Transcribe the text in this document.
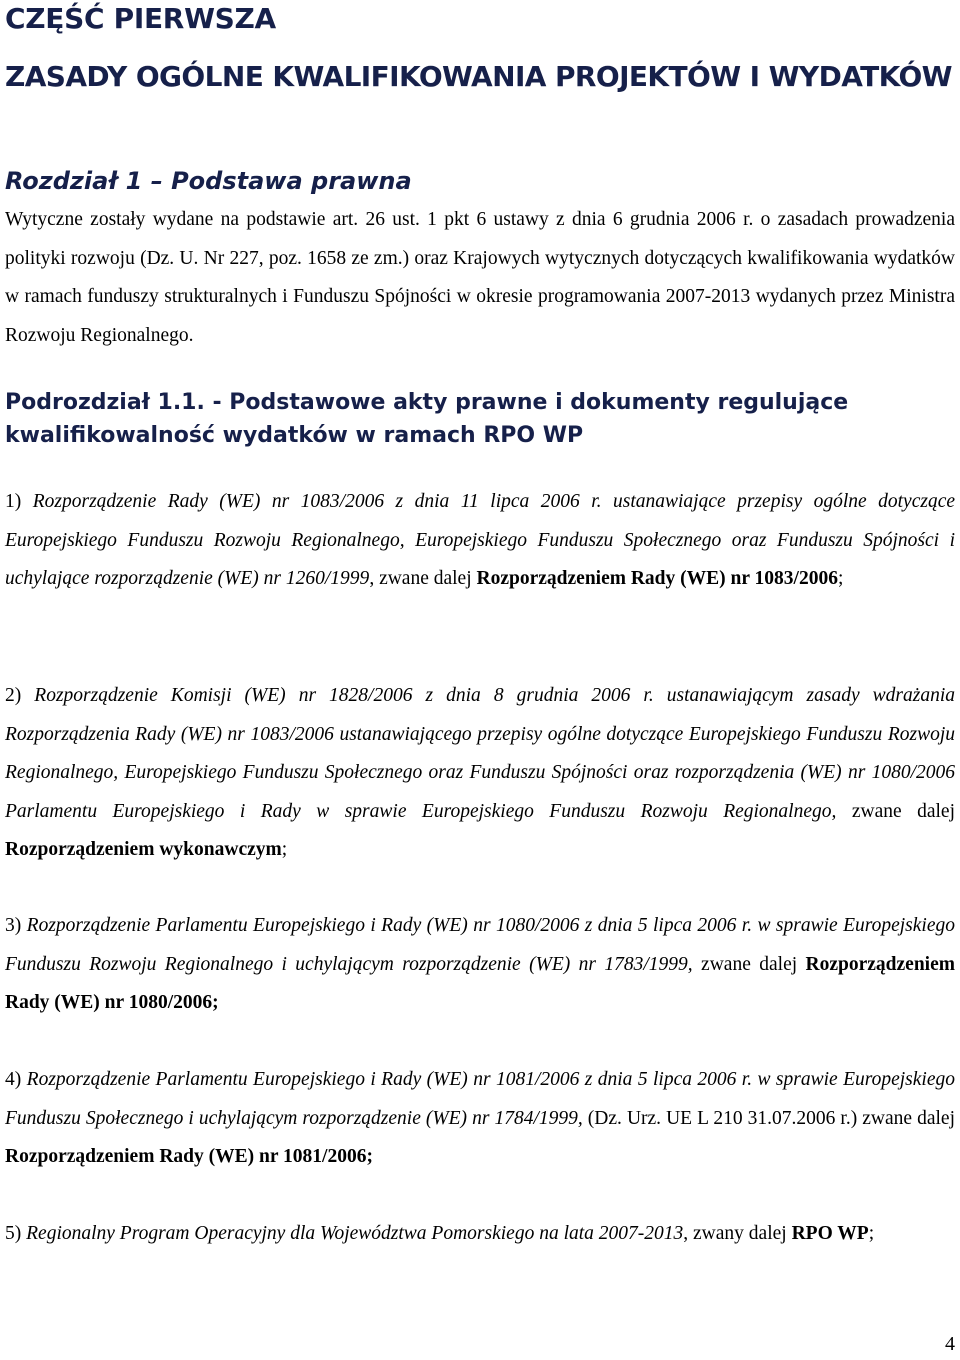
CZĘŚĆ PIERWSZA
ZASADY OGÓLNE KWALIFIKOWANIA PROJEKTÓW I WYDATKÓW
Rozdział 1 – Podstawa prawna

Wytyczne zostały wydane na podstawie art. 26 ust. 1 pkt 6 ustawy z dnia 6 grudnia 2006 r. o zasadach prowadzenia polityki rozwoju (Dz. U. Nr 227, poz. 1658 ze zm.) oraz Krajowych wytycznych dotyczących kwalifikowania wydatków w ramach funduszy strukturalnych i Funduszu Spójności w okresie programowania 2007-2013 wydanych przez Ministra Rozwoju Regionalnego.

Podrozdział 1.1. - Podstawowe akty prawne i dokumenty regulujące kwalifikowalność wydatków w ramach RPO WP

1) Rozporządzenie Rady (WE) nr 1083/2006 z dnia 11 lipca 2006 r. ustanawiające przepisy ogólne dotyczące Europejskiego Funduszu Rozwoju Regionalnego, Europejskiego Funduszu Społecznego oraz Funduszu Spójności i uchylające rozporządzenie (WE) nr 1260/1999, zwane dalej Rozporządzeniem Rady (WE) nr 1083/2006;

2) Rozporządzenie Komisji (WE) nr 1828/2006 z dnia 8 grudnia 2006 r. ustanawiającym zasady wdrażania Rozporządzenia Rady (WE) nr 1083/2006 ustanawiającego przepisy ogólne dotyczące Europejskiego Funduszu Rozwoju Regionalnego, Europejskiego Funduszu Społecznego oraz Funduszu Spójności oraz rozporządzenia (WE) nr 1080/2006 Parlamentu Europejskiego i Rady w sprawie Europejskiego Funduszu Rozwoju Regionalnego, zwane dalej Rozporządzeniem wykonawczym;

3) Rozporządzenie Parlamentu Europejskiego i Rady (WE) nr 1080/2006 z dnia 5 lipca 2006 r. w sprawie Europejskiego Funduszu Rozwoju Regionalnego i uchylającym rozporządzenie (WE) nr 1783/1999, zwane dalej Rozporządzeniem Rady (WE) nr 1080/2006;

4) Rozporządzenie Parlamentu Europejskiego i Rady (WE) nr 1081/2006 z dnia 5 lipca 2006 r. w sprawie Europejskiego Funduszu Społecznego i uchylającym rozporządzenie (WE) nr 1784/1999, (Dz. Urz. UE L 210 31.07.2006 r.) zwane dalej Rozporządzeniem Rady (WE) nr 1081/2006;

5) Regionalny Program Operacyjny dla Województwa Pomorskiego na lata 2007-2013, zwany dalej RPO WP;

4
